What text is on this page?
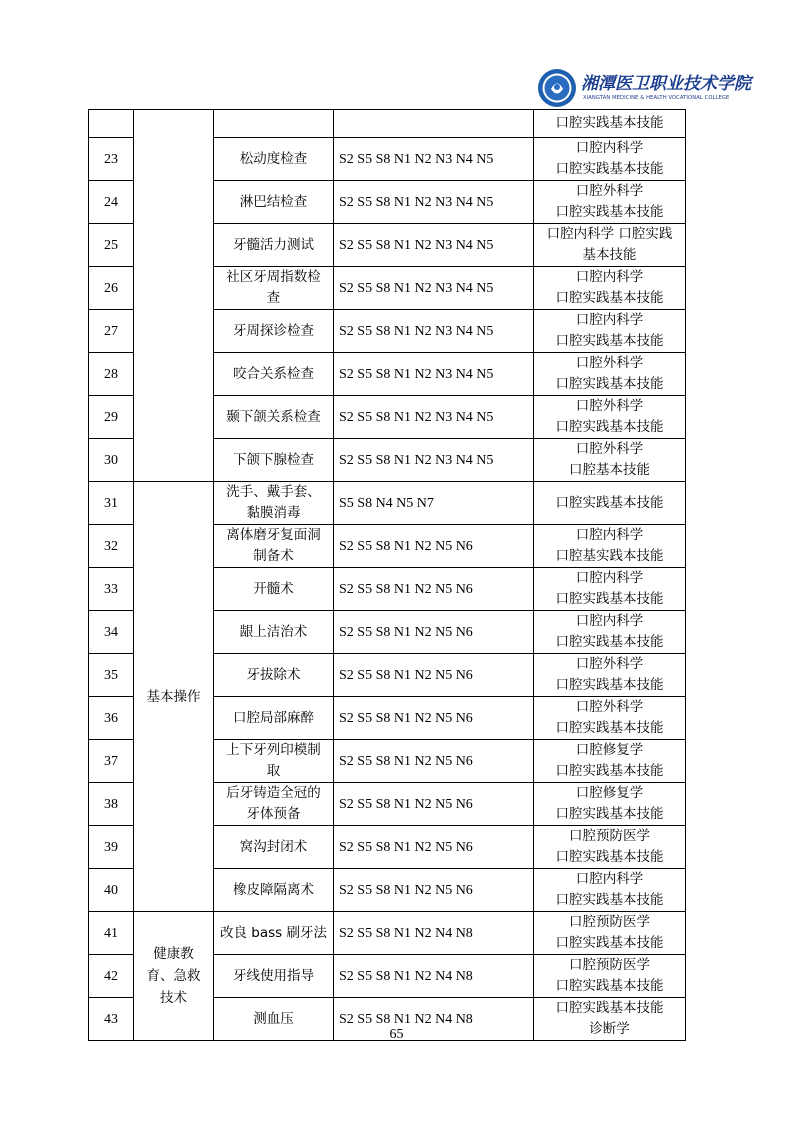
湘潭医卫职业技术学院
XIANGTAN MEDICINE & HEALTH VOCATIONAL COLLEGE

				口腔实践基本技能

23		松动度检查	S2 S5 S8 N1 N2 N3 N4 N5	口腔内科学
口腔实践基本技能

24		淋巴结检查	S2 S5 S8 N1 N2 N3 N4 N5	口腔外科学
口腔实践基本技能

25		牙髓活力测试	S2 S5 S8 N1 N2 N3 N4 N5	口腔内科学 口腔实践
基本技能

26		社区牙周指数检查	S2 S5 S8 N1 N2 N3 N4 N5	口腔内科学
口腔实践基本技能

27		牙周探诊检查	S2 S5 S8 N1 N2 N3 N4 N5	口腔内科学
口腔实践基本技能

28		咬合关系检查	S2 S5 S8 N1 N2 N3 N4 N5	口腔外科学
口腔实践基本技能

29		颞下颌关系检查	S2 S5 S8 N1 N2 N3 N4 N5	口腔外科学
口腔实践基本技能

30		下颌下腺检查	S2 S5 S8 N1 N2 N3 N4 N5	口腔外科学
口腔基本技能

31	基本操作	洗手、戴手套、黏膜消毒	S5 S8 N4 N5 N7	口腔实践基本技能

32		离体磨牙复面洞制备术	S2 S5 S8 N1 N2 N5 N6	口腔内科学
口腔基实践本技能

33		开髓术	S2 S5 S8 N1 N2 N5 N6	口腔内科学
口腔实践基本技能

34		龈上洁治术	S2 S5 S8 N1 N2 N5 N6	口腔内科学
口腔实践基本技能

35		牙拔除术	S2 S5 S8 N1 N2 N5 N6	口腔外科学
口腔实践基本技能

36		口腔局部麻醉	S2 S5 S8 N1 N2 N5 N6	口腔外科学
口腔实践基本技能

37		上下牙列印模制取	S2 S5 S8 N1 N2 N5 N6	口腔修复学
口腔实践基本技能

38		后牙铸造全冠的牙体预备	S2 S5 S8 N1 N2 N5 N6	口腔修复学
口腔实践基本技能

39		窝沟封闭术	S2 S5 S8 N1 N2 N5 N6	口腔预防医学
口腔实践基本技能

40		橡皮障隔离术	S2 S5 S8 N1 N2 N5 N6	口腔内科学
口腔实践基本技能

41	健康教育、急救技术	改良 bass 刷牙法	S2 S5 S8 N1 N2 N4 N8	口腔预防医学
口腔实践基本技能

42		牙线使用指导	S2 S5 S8 N1 N2 N4 N8	口腔预防医学
口腔实践基本技能

43		测血压	S2 S5 S8 N1 N2 N4 N8	口腔实践基本技能
诊断学
65
